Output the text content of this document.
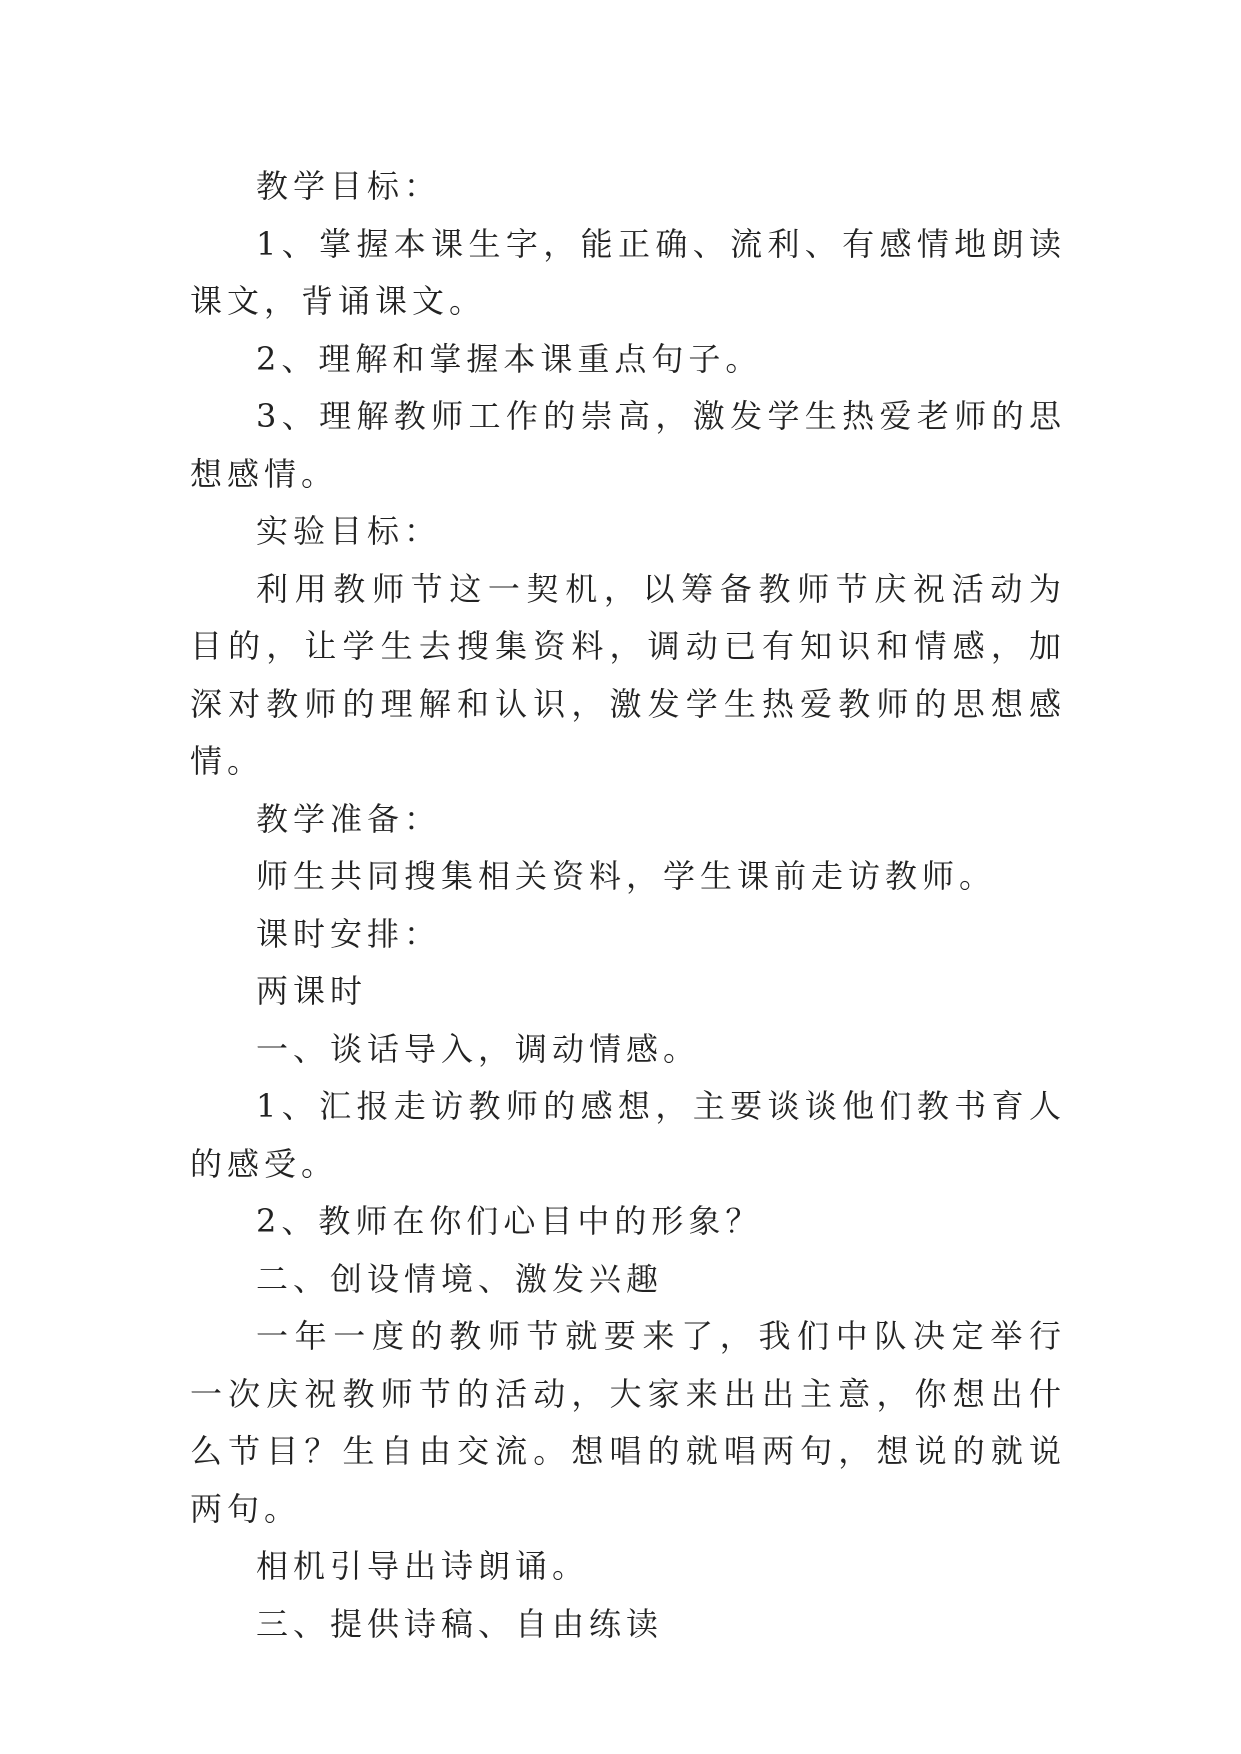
教学目标：

1、掌握本课生字，能正确、流利、有感情地朗读课文，背诵课文。

2、理解和掌握本课重点句子。

3、理解教师工作的崇高，激发学生热爱老师的思想感情。

实验目标：

利用教师节这一契机，以筹备教师节庆祝活动为目的，让学生去搜集资料，调动已有知识和情感，加深对教师的理解和认识，激发学生热爱教师的思想感情。

教学准备：

师生共同搜集相关资料，学生课前走访教师。

课时安排：

两课时

一、谈话导入，调动情感。

1、汇报走访教师的感想，主要谈谈他们教书育人的感受。

2、教师在你们心目中的形象？

二、创设情境、激发兴趣

一年一度的教师节就要来了，我们中队决定举行一次庆祝教师节的活动，大家来出出主意，你想出什么节目？生自由交流。想唱的就唱两句，想说的就说两句。

相机引导出诗朗诵。

三、提供诗稿、自由练读
